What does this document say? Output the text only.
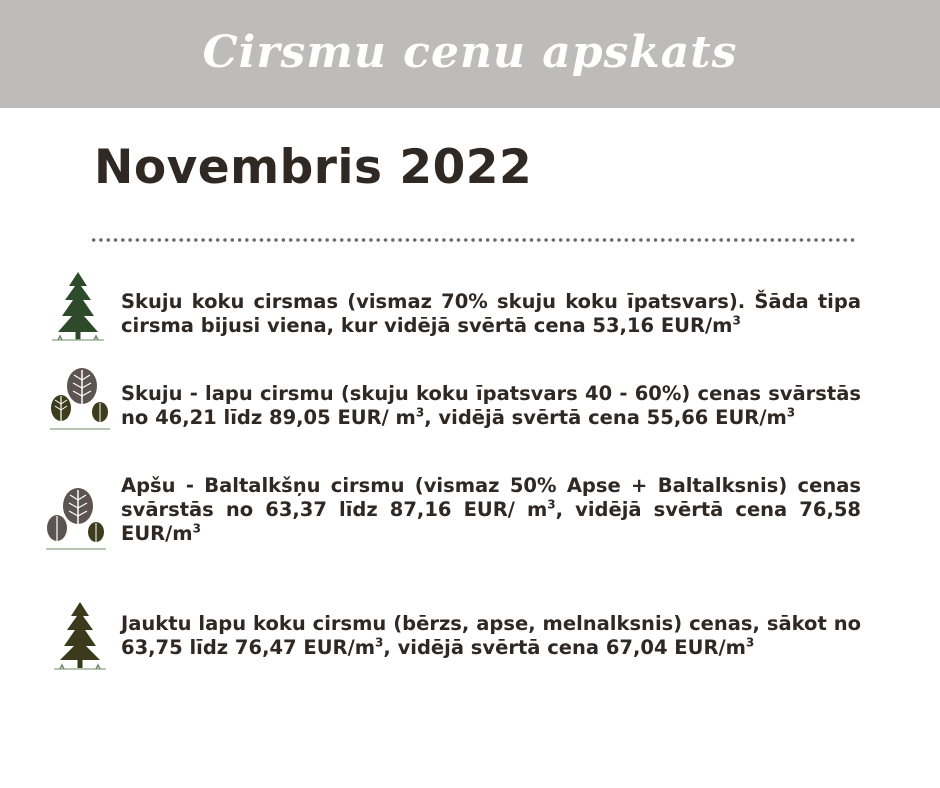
Cirsmu cenu apskats
Novembris 2022

Skuju koku cirsmas (vismaz 70% skuju koku īpatsvars). Šāda tipa cirsma bijusi viena, kur vidējā svērtā cena 53,16 EUR/$m^3$

Skuju - lapu cirsmu (skuju koku īpatsvars 40 - 60%) cenas svārstās no 46,21 līdz 89,05 EUR/ $m^3$, vidējā svērtā cena 55,66 EUR/$m^3$

Apšu - Baltalkšņu cirsmu (vismaz 50% Apse + Baltalksnis) cenas svārstās no 63,37 līdz 87,16 EUR/ $m^3$, vidējā svērtā cena 76,58 EUR/$m^3$

Jauktu lapu koku cirsmu (bērzs, apse, melnalksnis) cenas, sākot no 63,75 līdz 76,47 EUR/$m^3$, vidējā svērtā cena 67,04 EUR/$m^3$
